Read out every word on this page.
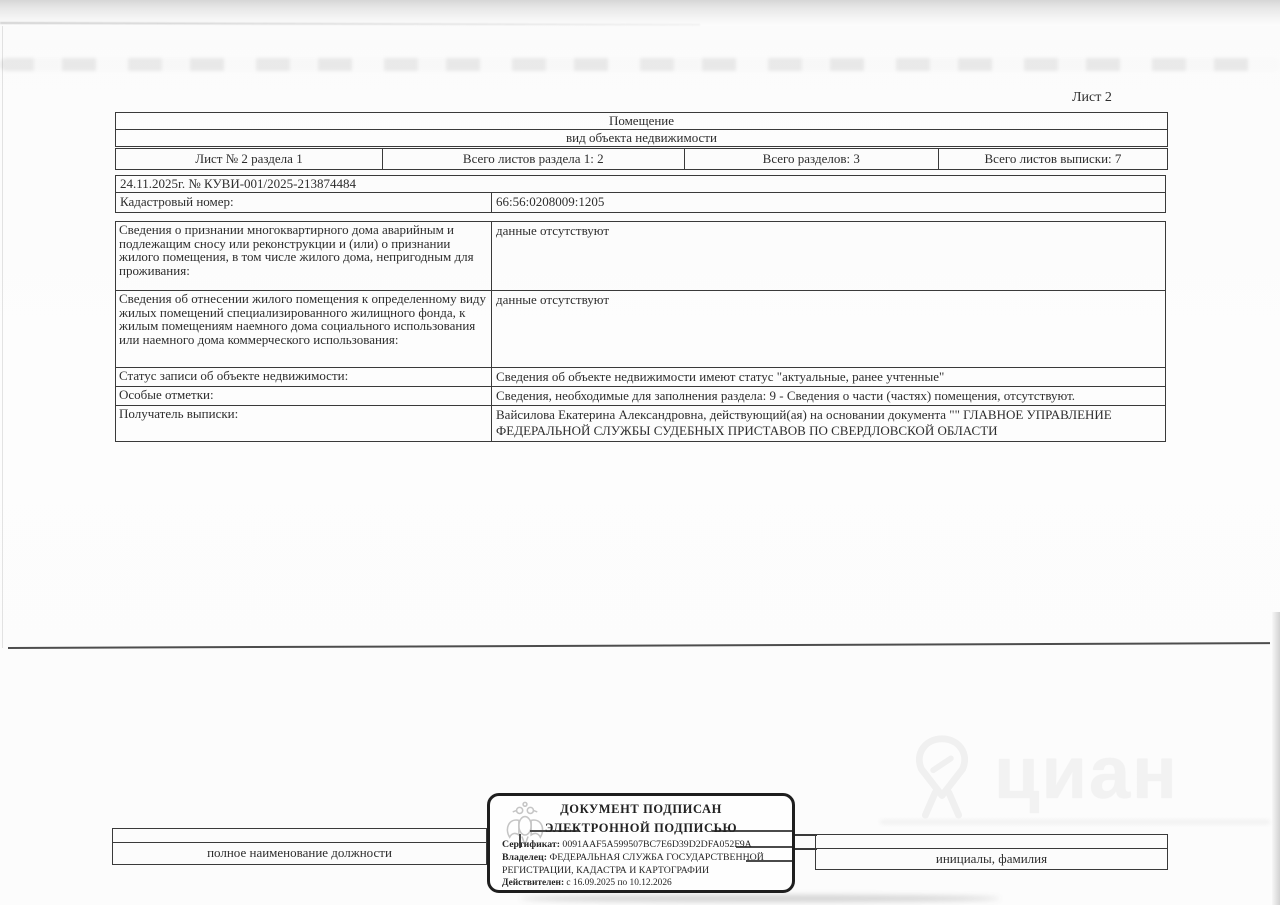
циан
Лист 2
Помещение
вид объекта недвижимости
Лист № 2 раздела 1	Всего листов раздела 1: 2	Всего разделов: 3	Всего листов выписки: 7
24.11.2025г. № КУВИ-001/2025-213874484
Кадастровый номер:	66:56:0208009:1205
Сведения о признании многоквартирного дома аварийным и подлежащим сносу или реконструкции и (или) о признании жилого помещения, в том числе жилого дома, непригодным для проживания:
данные отсутствуют
Сведения об отнесении жилого помещения к определенному виду жилых помещений специализированного жилищного фонда, к жилым помещениям наемного дома социального использования или наемного дома коммерческого использования:
данные отсутствуют
Статус записи об объекте недвижимости:	Сведения об объекте недвижимости имеют статус "актуальные, ранее учтенные"
Особые отметки:	Сведения, необходимые для заполнения раздела: 9 - Сведения о части (частях) помещения, отсутствуют.
Получатель выписки:	Вайсилова Екатерина Александровна, действующий(ая) на основании документа "" ГЛАВНОЕ УПРАВЛЕНИЕ ФЕДЕРАЛЬНОЙ СЛУЖБЫ СУДЕБНЫХ ПРИСТАВОВ ПО СВЕРДЛОВСКОЙ ОБЛАСТИ
полное наименование должности	инициалы, фамилия
ДОКУМЕНТ ПОДПИСАН
ЭЛЕКТРОННОЙ ПОДПИСЬЮ
Сертификат: 0091AAF5A599507BC7E6D39D2DFA052F9A
Владелец: ФЕДЕРАЛЬНАЯ СЛУЖБА ГОСУДАРСТВЕННОЙ РЕГИСТРАЦИИ, КАДАСТРА И КАРТОГРАФИИ
Действителен: с 16.09.2025 по 10.12.2026
